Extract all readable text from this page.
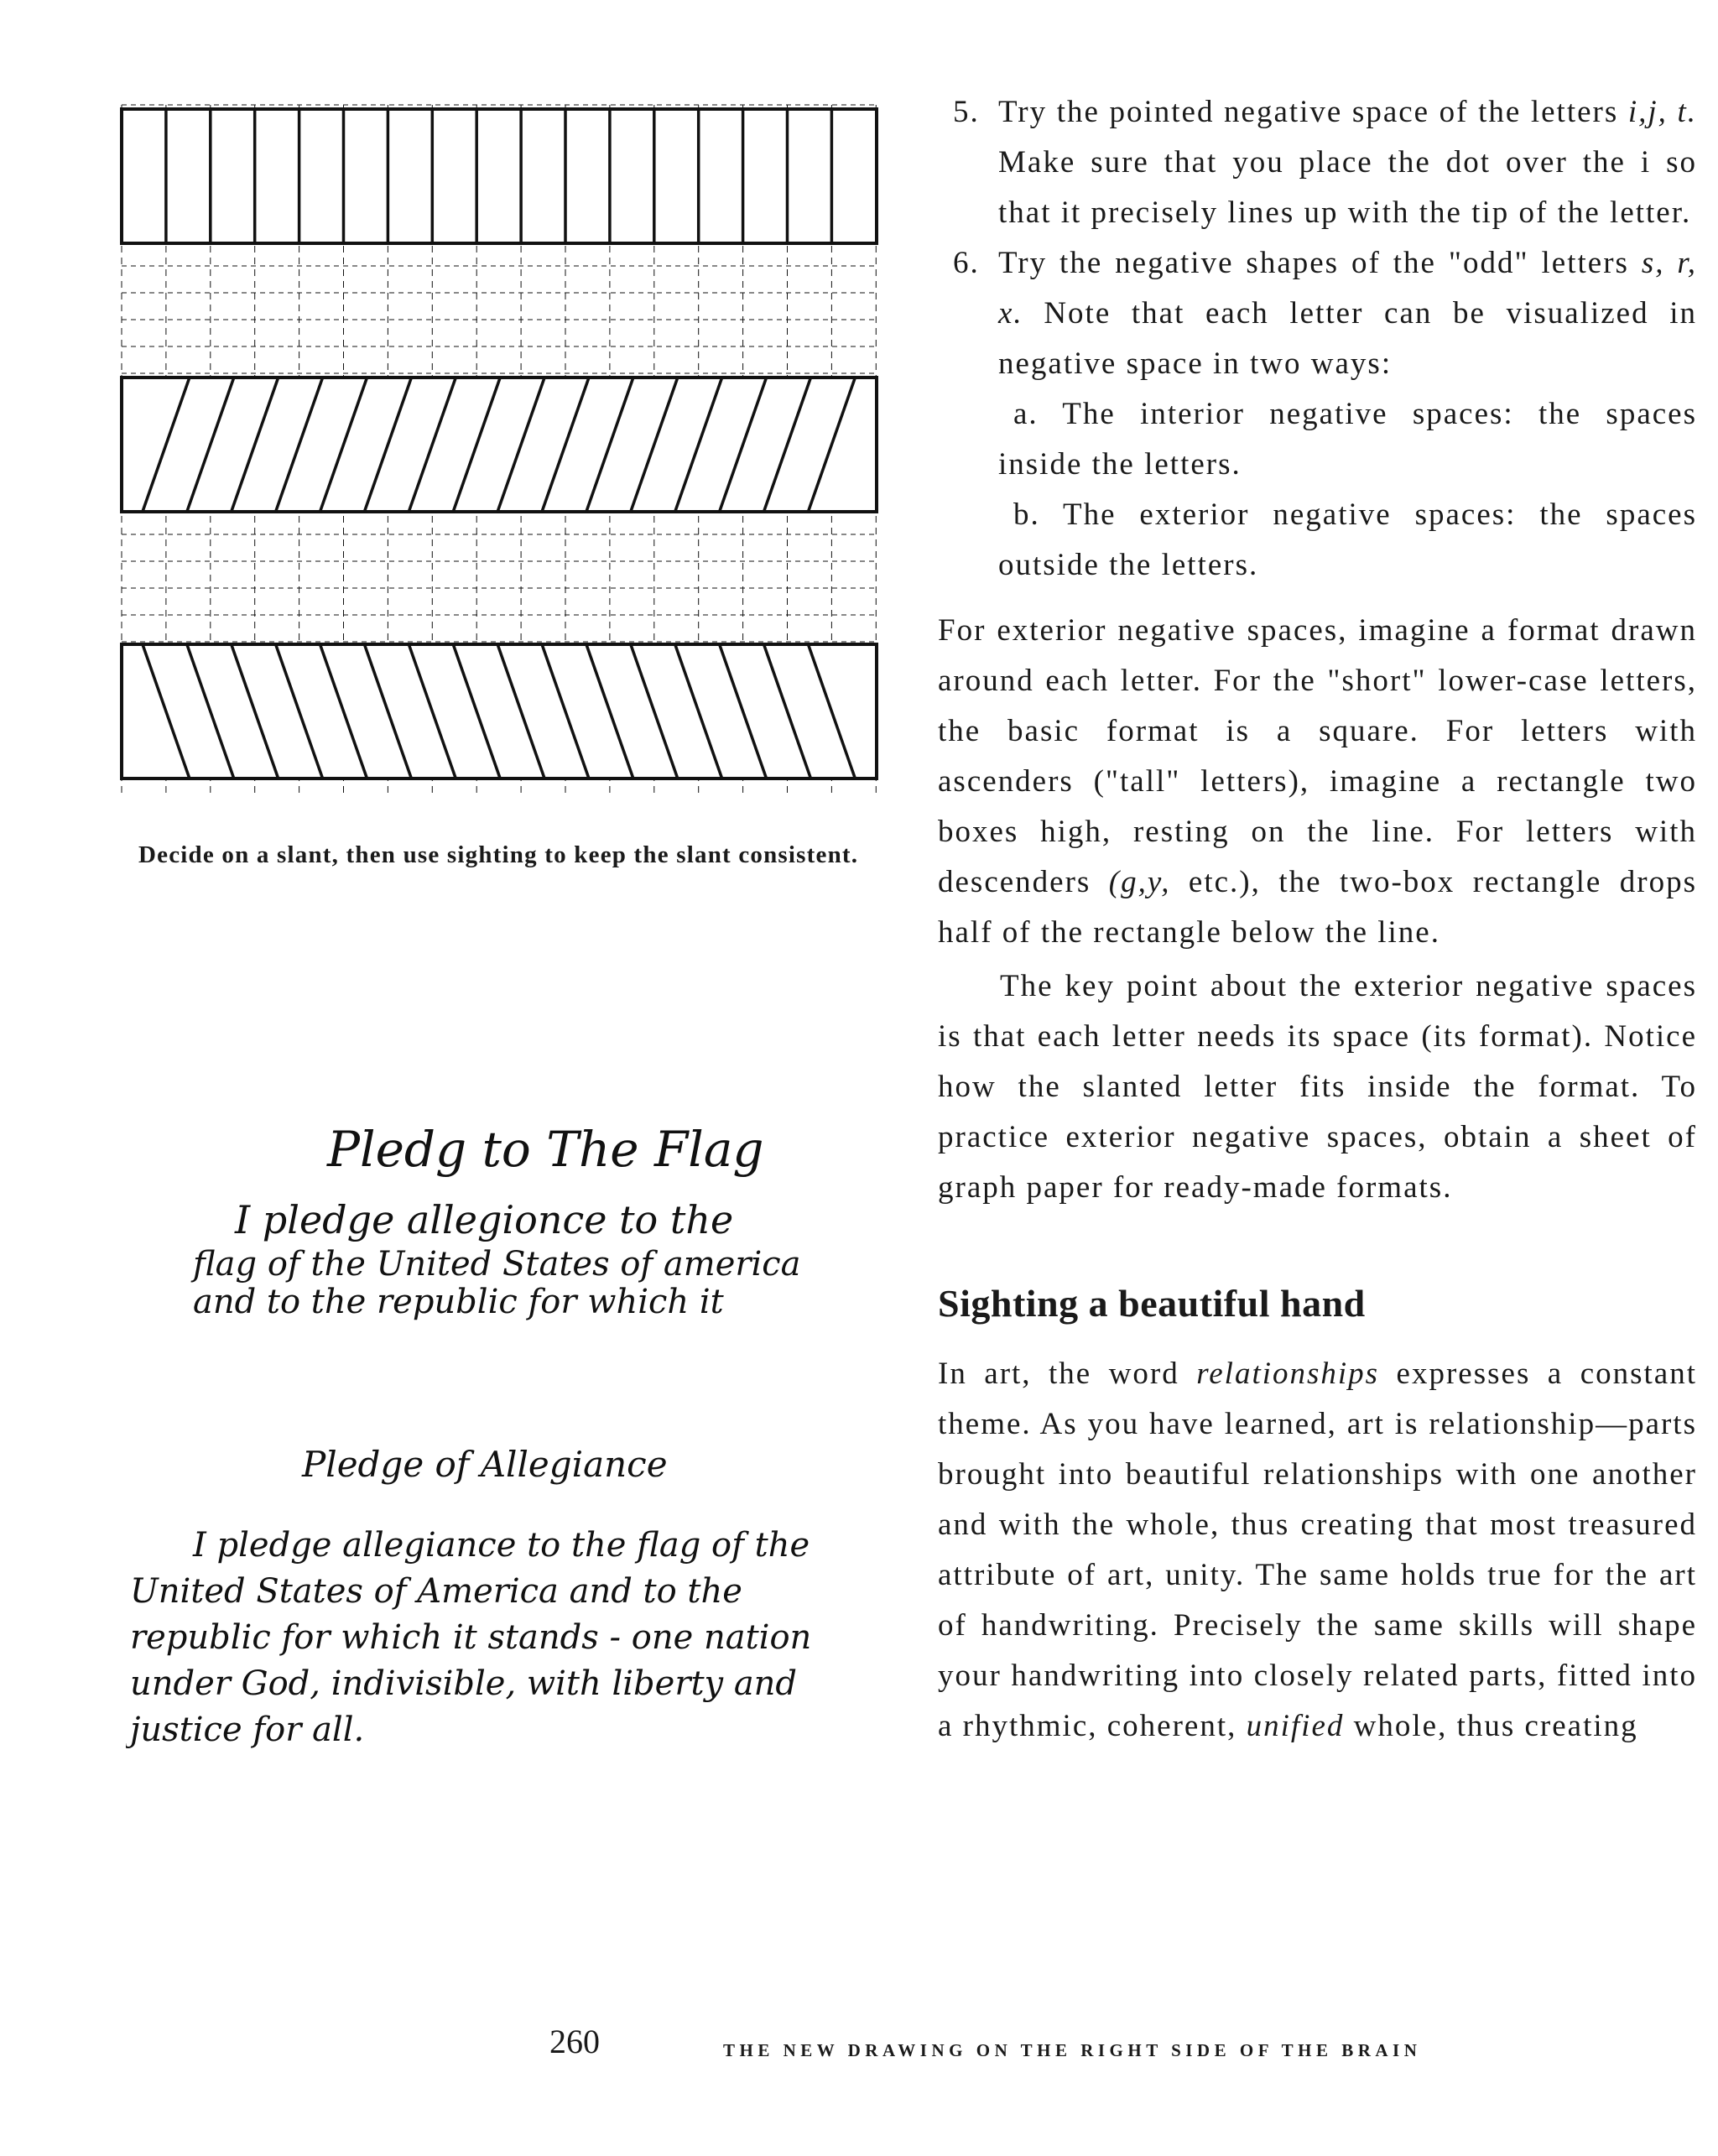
Decide on a slant, then use sighting to keep the slant consistent.
Pledg to The Flag
I pledge allegionce to the
flag of the United States of america
and to the republic for which it
Pledge of Allegiance
I pledge allegiance to the flag of the
United States of America and to the
republic for which it stands - one nation
under God, indivisible, with liberty and
justice for all.
5. Try the pointed negative space of the letters i,j, t. Make sure that you place the dot over the i so that it precisely lines up with the tip of the letter.
6. Try the negative shapes of the "odd" letters s, r, x. Note that each letter can be visualized in negative space in two ways:
a. The interior negative spaces: the spaces inside the letters.
b. The exterior negative spaces: the spaces outside the letters.

For exterior negative spaces, imagine a format drawn around each letter. For the "short" lower-case letters, the basic format is a square. For letters with ascenders ("tall" letters), imagine a rectangle two boxes high, resting on the line. For letters with descenders (g,y, etc.), the two-box rectangle drops half of the rectangle below the line.

The key point about the exterior negative spaces is that each letter needs its space (its format). Notice how the slanted letter fits inside the format. To practice exterior negative spaces, obtain a sheet of graph paper for ready-made formats.

Sighting a beautiful hand

In art, the word relationships expresses a constant theme. As you have learned, art is relationship—parts brought into beautiful relationships with one another and with the whole, thus creating that most treasured attribute of art, unity. The same holds true for the art of handwriting. Precisely the same skills will shape your handwriting into closely related parts, fitted into a rhythmic, coherent, unified whole, thus creating

260	THE NEW DRAWING ON THE RIGHT SIDE OF THE BRAIN
